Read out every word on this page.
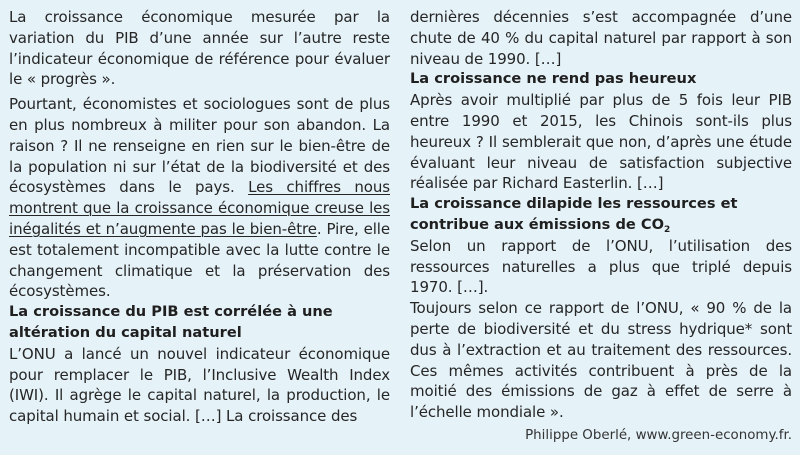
La croissance économique mesurée par la variation du PIB d’une année sur l’autre reste l’indicateur économique de référence pour évaluer le « progrès ».

Pourtant, économistes et sociologues sont de plus en plus nombreux à militer pour son abandon. La raison ? Il ne renseigne en rien sur le bien-être de la population ni sur l’état de la biodiversité et des écosystèmes dans le pays. Les chiffres nous montrent que la croissance économique creuse les inégalités et n’augmente pas le bien-être. Pire, elle est totalement incompatible avec la lutte contre le changement climatique et la préservation des écosystèmes.

La croissance du PIB est corrélée à une altération du capital naturel

L’ONU a lancé un nouvel indicateur économique pour remplacer le PIB, l’Inclusive Wealth Index (IWI). Il agrège le capital naturel, la production, le capital humain et social. […] La croissance des

dernières décennies s’est accompagnée d’une chute de 40 % du capital naturel par rapport à son niveau de 1990. […]

La croissance ne rend pas heureux

Après avoir multiplié par plus de 5 fois leur PIB entre 1990 et 2015, les Chinois sont-ils plus heureux ? Il semblerait que non, d’après une étude évaluant leur niveau de satisfaction subjective réalisée par Richard Easterlin. […]

La croissance dilapide les ressources et contribue aux émissions de $CO_2$

Selon un rapport de l’ONU, l’utilisation des ressources naturelles a plus que triplé depuis 1970. […].

Toujours selon ce rapport de l’ONU, « 90 % de la perte de biodiversité et du stress hydrique* sont dus à l’extraction et au traitement des ressources. Ces mêmes activités contribuent à près de la moitié des émissions de gaz à effet de serre à l’échelle mondiale ».

Philippe Oberlé, www.green-economy.fr.
